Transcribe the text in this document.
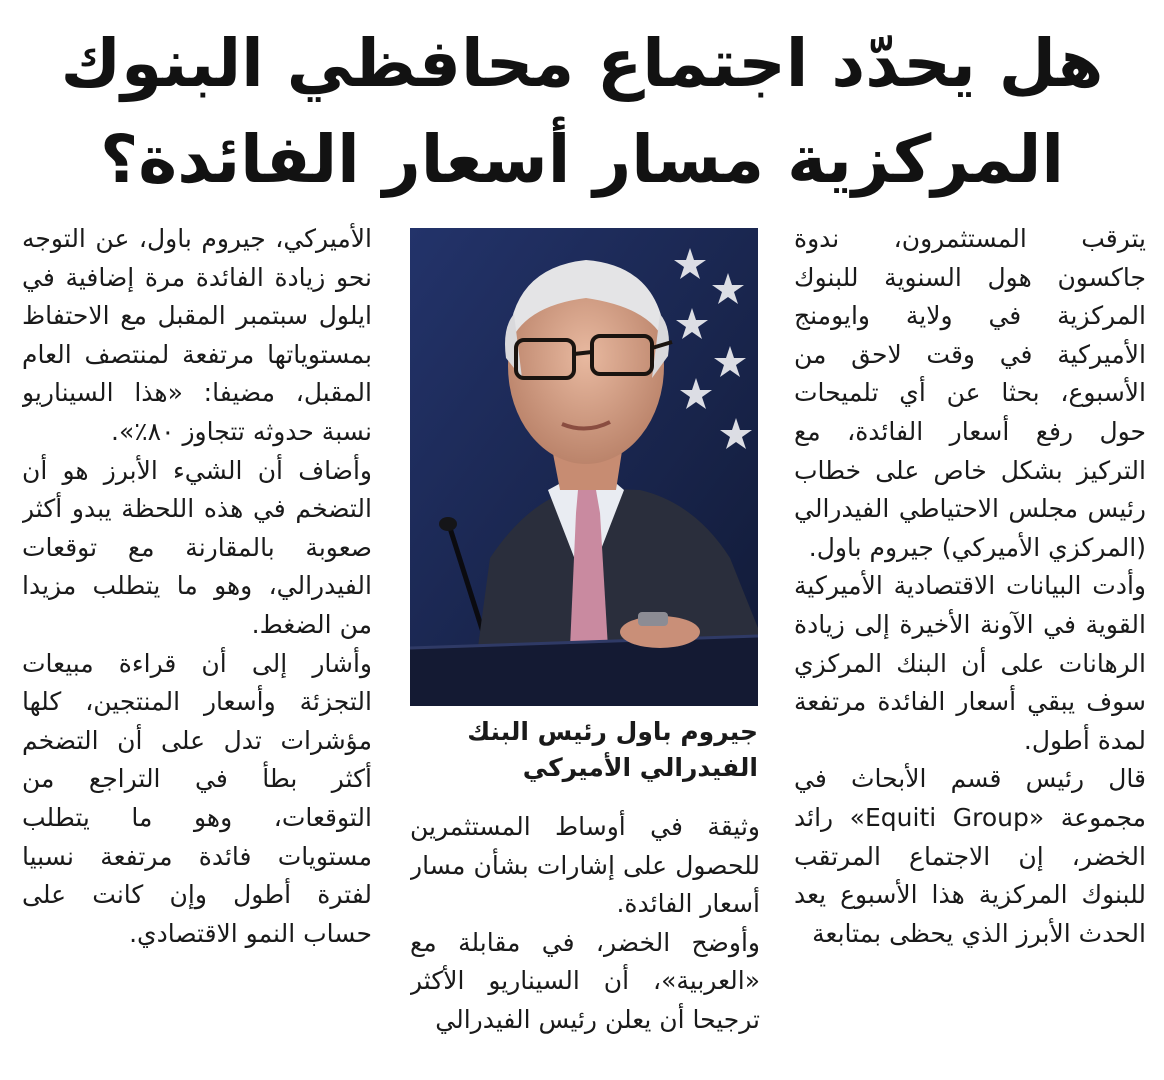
هل يحدّد اجتماع محافظي البنوك
المركزية مسار أسعار الفائدة؟

يترقب المستثمرون، ندوة جاكسون هول السنوية للبنوك المركزية في ولاية وايومنج الأميركية في وقت لاحق من الأسبوع، بحثا عن أي تلميحات حول رفع أسعار الفائدة، مع التركيز بشكل خاص على خطاب رئيس مجلس الاحتياطي الفيدرالي (المركزي الأميركي) جيروم باول.

وأدت البيانات الاقتصادية الأميركية القوية في الآونة الأخيرة إلى زيادة الرهانات على أن البنك المركزي سوف يبقي أسعار الفائدة مرتفعة لمدة أطول.

قال رئيس قسم الأبحاث في مجموعة «Equiti Group» رائد الخضر، إن الاجتماع المرتقب للبنوك المركزية هذا الأسبوع يعد الحدث الأبرز الذي يحظى بمتابعة

جيروم باول رئيس البنك
الفيدرالي الأميركي

وثيقة في أوساط المستثمرين للحصول على إشارات بشأن مسار أسعار الفائدة.

وأوضح الخضر، في مقابلة مع «العربية»، أن السيناريو الأكثر ترجيحا أن يعلن رئيس الفيدرالي

الأميركي، جيروم باول، عن التوجه نحو زيادة الفائدة مرة إضافية في ايلول سبتمبر المقبل مع الاحتفاظ بمستوياتها مرتفعة لمنتصف العام المقبل، مضيفا: «هذا السيناريو نسبة حدوثه تتجاوز ٨٠٪».

وأضاف أن الشيء الأبرز هو أن التضخم في هذه اللحظة يبدو أكثر صعوبة بالمقارنة مع توقعات الفيدرالي، وهو ما يتطلب مزيدا من الضغط.

وأشار إلى أن قراءة مبيعات التجزئة وأسعار المنتجين، كلها مؤشرات تدل على أن التضخم أكثر بطأ في التراجع من التوقعات، وهو ما يتطلب مستويات فائدة مرتفعة نسبيا لفترة أطول وإن كانت على حساب النمو الاقتصادي.
